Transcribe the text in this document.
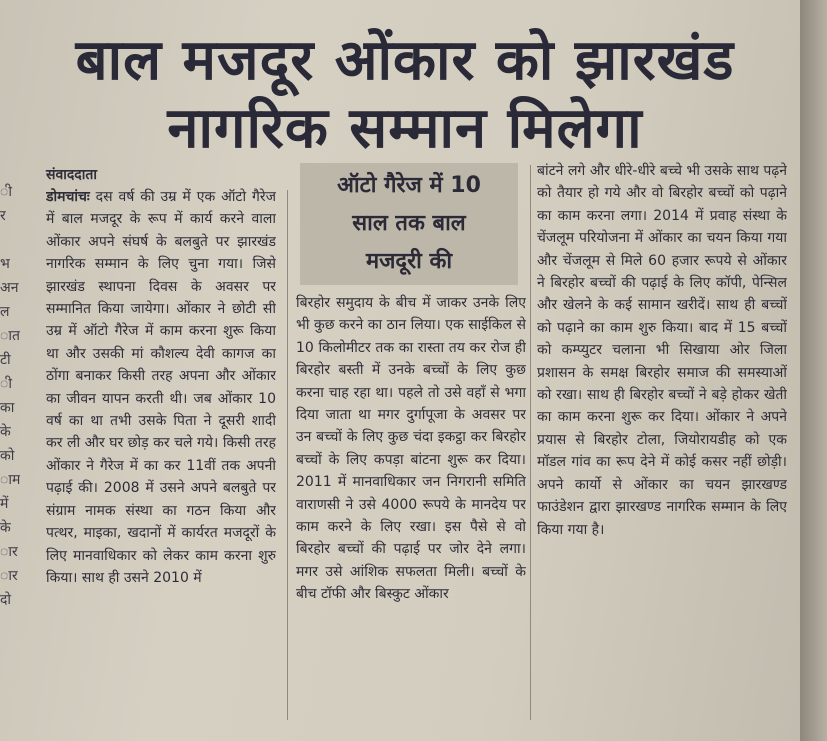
ी
र

भ
अन
ल
ात
टी
ी
का
के
को
ाम
में
के
ार
ार
दो
बाल मजदूर ओंकार को झारखंड
नागरिक सम्मान मिलेगा
संवाददाता
डोमचांचः दस वर्ष की उम्र में एक ऑटो गैरेज में बाल मजदूर के रूप में कार्य करने वाला ओंकार अपने संघर्ष के बलबुते पर झारखंड नागरिक सम्मान के लिए चुना गया। जिसे झारखंड स्थापना दिवस के अवसर पर सम्मानित किया जायेगा। ओंकार ने छोटी सी उम्र में ऑटो गैरेज में काम करना शुरू किया था और उसकी मां कौशल्य देवी कागज का ठोंगा बनाकर किसी तरह अपना और ओंकार का जीवन यापन करती थी। जब ओंकार 10 वर्ष का था तभी उसके पिता ने दूसरी शादी कर ली और घर छोड़ कर चले गये। किसी तरह ओंकार ने गैरेज में का कर 11वीं तक अपनी पढ़ाई की। 2008 में उसने अपने बलबुते पर संग्राम नामक संस्था का गठन किया और पत्थर, माइका, खदानों में कार्यरत मजदूरों के लिए मानवाधिकार को लेकर काम करना शुरु किया। साथ ही उसने 2010 में
ऑटो गैरेज में 10
साल तक बाल
मजदूरी की
बिरहोर समुदाय के बीच में जाकर उनके लिए भी कुछ करने का ठान लिया। एक साईकिल से 10 किलोमीटर तक का रास्ता तय कर रोज ही बिरहोर बस्ती में उनके बच्चों के लिए कुछ करना चाह रहा था। पहले तो उसे वहाँ से भगा दिया जाता था मगर दुर्गापूजा के अवसर पर उन बच्चों के लिए कुछ चंदा इकट्ठा कर बिरहोर बच्चों के लिए कपड़ा बांटना शुरू कर दिया। 2011 में मानवाधिकार जन निगरानी समिति वाराणसी ने उसे 4000 रूपये के मानदेय पर काम करने के लिए रखा। इस पैसे से वो बिरहोर बच्चों की पढ़ाई पर जोर देने लगा। मगर उसे आंशिक सफलता मिली। बच्चों के बीच टॉफी और बिस्कुट ओंकार
बांटने लगे और धीरे-धीरे बच्चे भी उसके साथ पढ़ने को तैयार हो गये और वो बिरहोर बच्चों को पढ़ाने का काम करना लगा। 2014 में प्रवाह संस्था के चेंजलूम परियोजना में ओंकार का चयन किया गया और चेंजलूम से मिले 60 हजार रूपये से ओंकार ने बिरहोर बच्चों की पढ़ाई के लिए कॉपी, पेन्सिल और खेलने के कई सामान खरीदें। साथ ही बच्चों को पढ़ाने का काम शुरु किया। बाद में 15 बच्चों को कम्प्युटर चलाना भी सिखाया ओर जिला प्रशासन के समक्ष बिरहोर समाज की समस्याओं को रखा। साथ ही बिरहोर बच्चों ने बड़े होकर खेती का काम करना शुरू कर दिया। ओंकार ने अपने प्रयास से बिरहोर टोला, जियोरायडीह को एक मॉडल गांव का रूप देने में कोई कसर नहीं छोड़ी। अपने कार्यो से ओंकार का चयन झारखण्ड फाउंडेशन द्वारा झारखण्ड नागरिक सम्मान के लिए किया गया है।
